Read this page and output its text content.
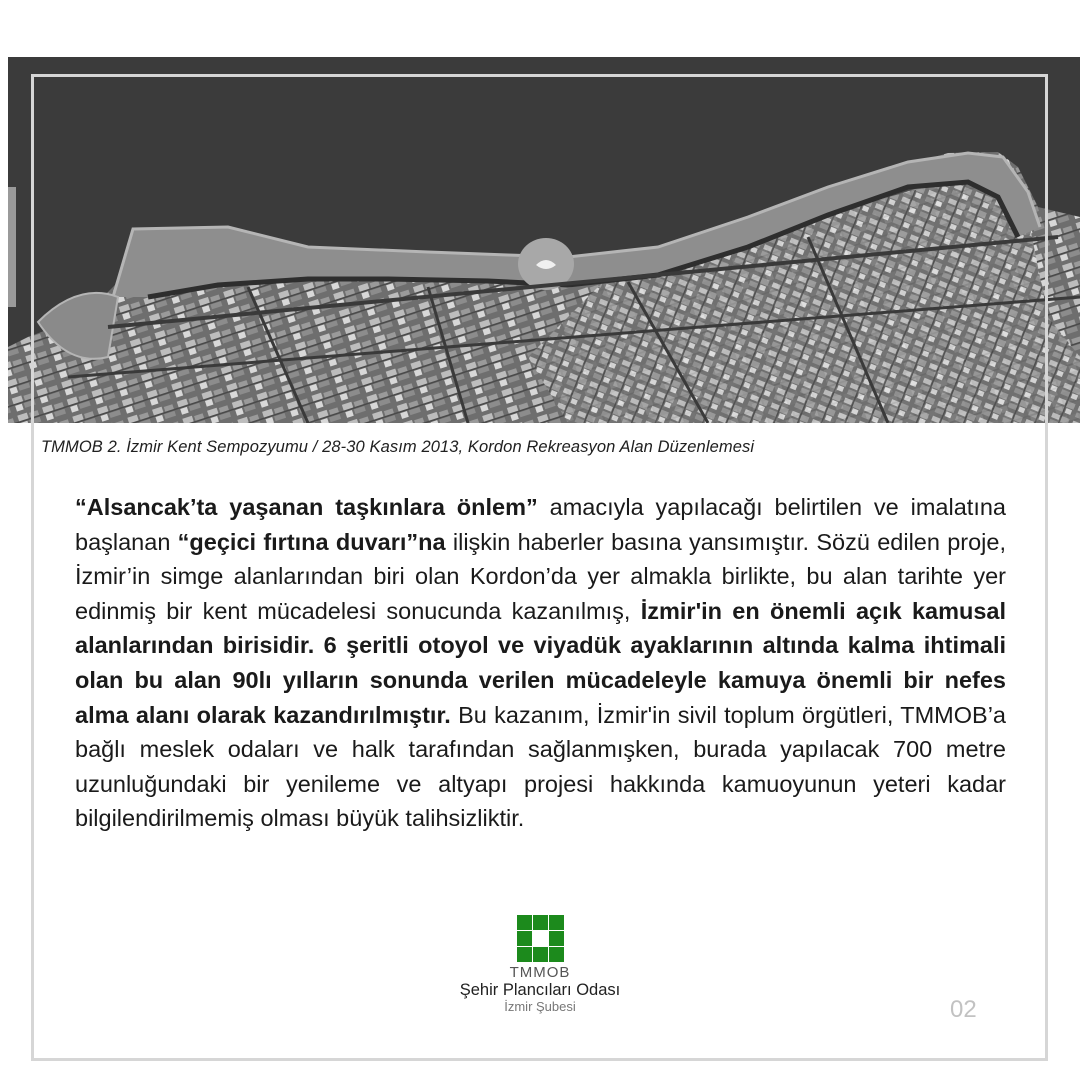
TMMOB 2. İzmir Kent Sempozyumu / 28-30 Kasım 2013, Kordon Rekreasyon Alan Düzenlemesi
“Alsancak’ta yaşanan taşkınlara önlem” amacıyla yapılacağı belirtilen ve imalatına başlanan “geçici fırtına duvarı”na ilişkin haberler basına yansımıştır. Sözü edilen proje, İzmir’in simge alanlarından biri olan Kordon’da yer almakla birlikte, bu alan tarihte yer edinmiş bir kent mücadelesi sonucunda kazanılmış, İzmir'in en önemli açık kamusal alanlarından birisidir. 6 şeritli otoyol ve viyadük ayaklarının altında kalma ihtimali olan bu alan 90lı yılların sonunda verilen mücadeleyle kamuya önemli bir nefes alma alanı olarak kazandırılmıştır. Bu kazanım, İzmir'in sivil toplum örgütleri, TMMOB’a bağlı meslek odaları ve halk tarafından sağlanmışken, burada yapılacak 700 metre uzunluğundaki bir yenileme ve altyapı projesi hakkında kamuoyunun yeteri kadar bilgilendirilmemiş olması büyük talihsizliktir.
TMMOB
Şehir Plancıları Odası
İzmir Şubesi	02
